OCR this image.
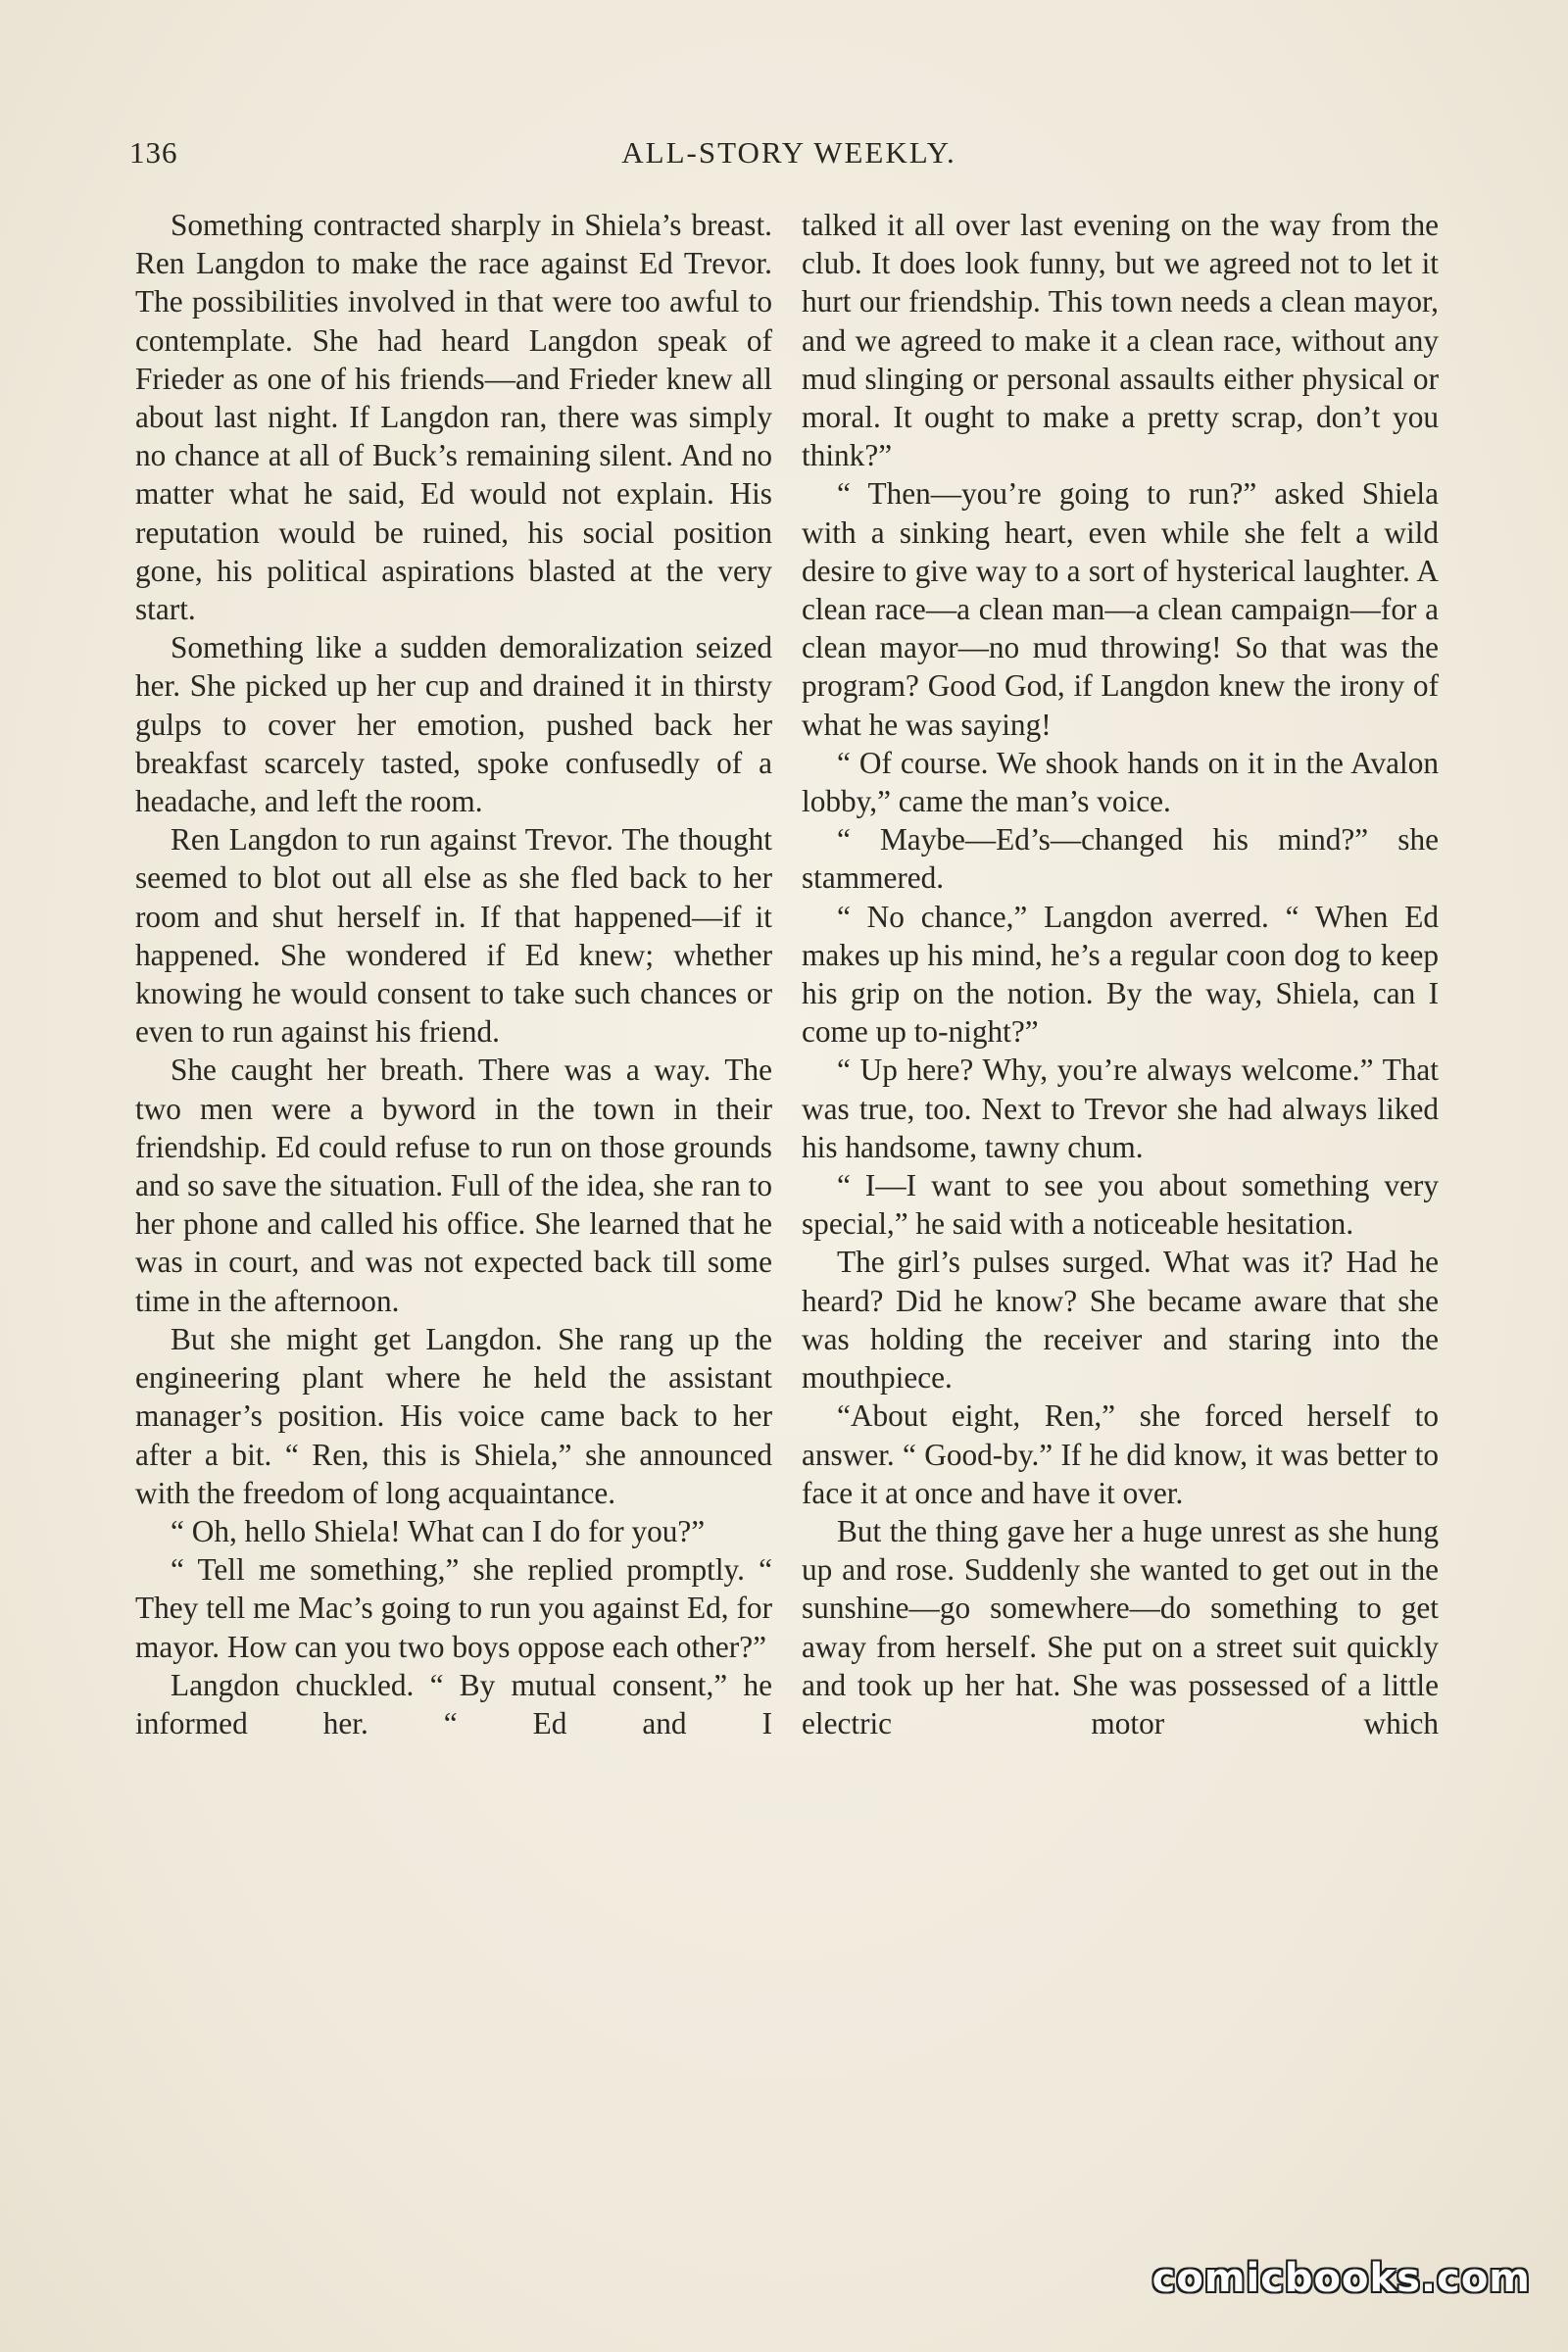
136	ALL-STORY WEEKLY.

Something contracted sharply in Shiela’s breast. Ren Langdon to make the race against Ed Trevor. The possibilities involved in that were too awful to contemplate. She had heard Langdon speak of Frieder as one of his friends—and Frieder knew all about last night. If Langdon ran, there was simply no chance at all of Buck’s remaining silent. And no matter what he said, Ed would not explain. His reputation would be ruined, his social position gone, his political aspirations blasted at the very start.

Something like a sudden demoralization seized her. She picked up her cup and drained it in thirsty gulps to cover her emotion, pushed back her breakfast scarcely tasted, spoke confusedly of a headache, and left the room.

Ren Langdon to run against Trevor. The thought seemed to blot out all else as she fled back to her room and shut herself in. If that happened—if it happened. She wondered if Ed knew; whether knowing he would consent to take such chances or even to run against his friend.

She caught her breath. There was a way. The two men were a byword in the town in their friendship. Ed could refuse to run on those grounds and so save the situation. Full of the idea, she ran to her phone and called his office. She learned that he was in court, and was not expected back till some time in the afternoon.

But she might get Langdon. She rang up the engineering plant where he held the assistant manager’s position. His voice came back to her after a bit. “ Ren, this is Shiela,” she announced with the freedom of long acquaintance.

“ Oh, hello Shiela! What can I do for you?”

“ Tell me something,” she replied promptly. “ They tell me Mac’s going to run you against Ed, for mayor. How can you two boys oppose each other?”

Langdon chuckled. “ By mutual consent,” he informed her. “ Ed and I

talked it all over last evening on the way from the club. It does look funny, but we agreed not to let it hurt our friendship. This town needs a clean mayor, and we agreed to make it a clean race, without any mud slinging or personal assaults either physical or moral. It ought to make a pretty scrap, don’t you think?”

“ Then—you’re going to run?” asked Shiela with a sinking heart, even while she felt a wild desire to give way to a sort of hysterical laughter. A clean race—a clean man—a clean campaign—for a clean mayor—no mud throwing! So that was the program? Good God, if Langdon knew the irony of what he was saying!

“ Of course. We shook hands on it in the Avalon lobby,” came the man’s voice.

“ Maybe—Ed’s—changed his mind?” she stammered.

“ No chance,” Langdon averred. “ When Ed makes up his mind, he’s a regular coon dog to keep his grip on the notion. By the way, Shiela, can I come up to-night?”

“ Up here? Why, you’re always welcome.” That was true, too. Next to Trevor she had always liked his handsome, tawny chum.

“ I—I want to see you about something very special,” he said with a noticeable hesitation.

The girl’s pulses surged. What was it? Had he heard? Did he know? She became aware that she was holding the receiver and staring into the mouthpiece.

“About eight, Ren,” she forced herself to answer. “ Good-by.” If he did know, it was better to face it at once and have it over.

But the thing gave her a huge unrest as she hung up and rose. Suddenly she wanted to get out in the sunshine—go somewhere—do something to get away from herself. She put on a street suit quickly and took up her hat. She was possessed of a little electric motor which

comicbooks.com
